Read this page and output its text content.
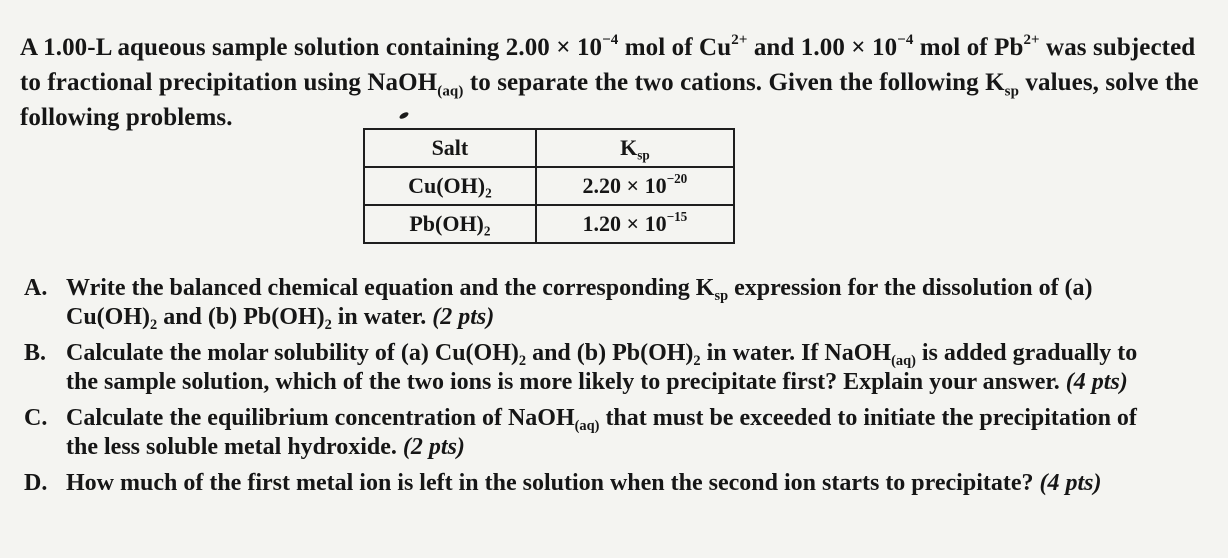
A 1.00-L aqueous sample solution containing $2.00 \times 10^{-4}$ mol of $Cu^{2+}$ and $1.00 \times 10^{-4}$ mol of $Pb^{2+}$ was subjected

to fractional precipitation using NaOH$_{(aq)}$ to separate the two cations. Given the following $K_{sp}$ values, solve the

following problems.

Salt	$K_{sp}$
$Cu(OH)_2$	$2.20 \times 10^{-20}$
$Pb(OH)_2$	$1.20 \times 10^{-15}$
A. Write the balanced chemical equation and the corresponding $K_{sp}$ expression for the dissolution of (a)
$Cu(OH)_2$ and (b) $Pb(OH)_2$ in water. (2 pts)
B. Calculate the molar solubility of (a) $Cu(OH)_2$ and (b) $Pb(OH)_2$ in water. If NaOH$_{(aq)}$ is added gradually to
the sample solution, which of the two ions is more likely to precipitate first? Explain your answer. (4 pts)
C. Calculate the equilibrium concentration of NaOH$_{(aq)}$ that must be exceeded to initiate the precipitation of
the less soluble metal hydroxide. (2 pts)
D. How much of the first metal ion is left in the solution when the second ion starts to precipitate? (4 pts)
